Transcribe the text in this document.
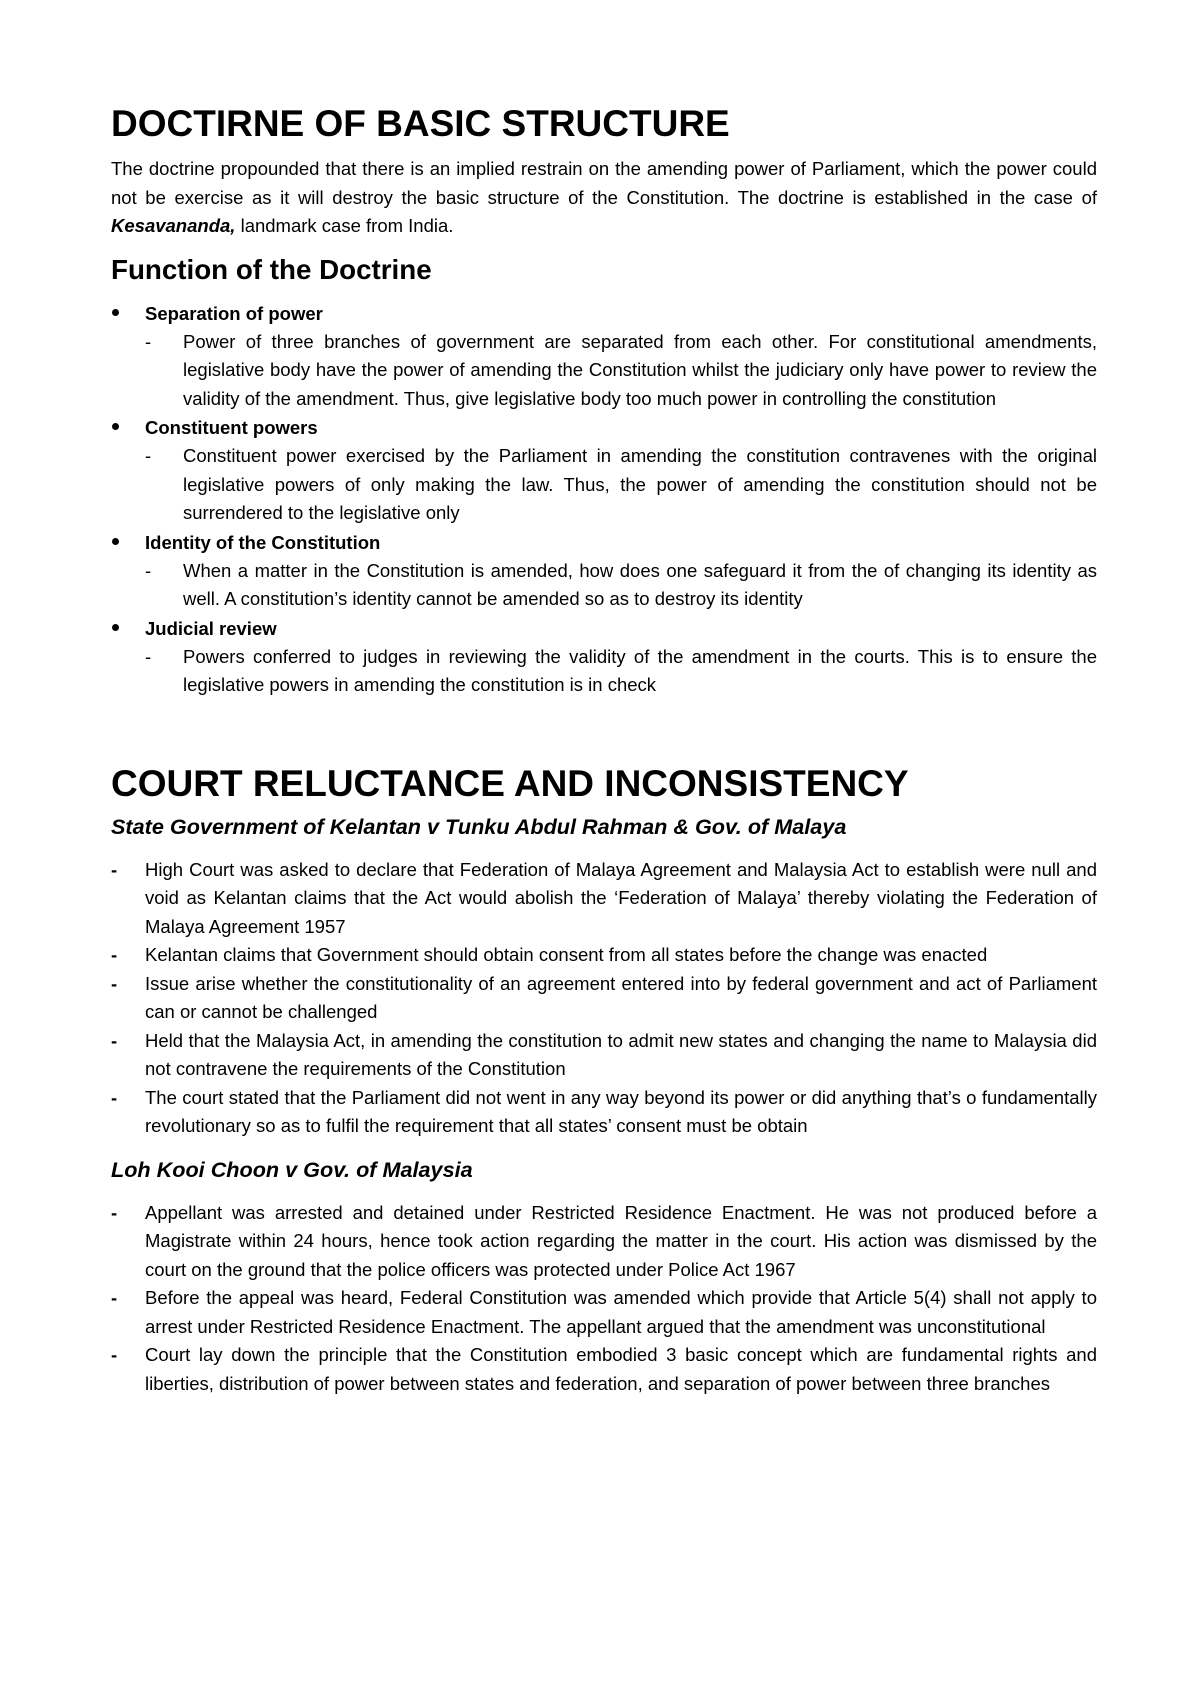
DOCTIRNE OF BASIC STRUCTURE

The doctrine propounded that there is an implied restrain on the amending power of Parliament, which the power could not be exercise as it will destroy the basic structure of the Constitution. The doctrine is established in the case of Kesavananda, landmark case from India.

Function of the Doctrine
Separation of power
- Power of three branches of government are separated from each other. For constitutional amendments, legislative body have the power of amending the Constitution whilst the judiciary only have power to review the validity of the amendment. Thus, give legislative body too much power in controlling the constitution
Constituent powers
- Constituent power exercised by the Parliament in amending the constitution contravenes with the original legislative powers of only making the law. Thus, the power of amending the constitution should not be surrendered to the legislative only
Identity of the Constitution
- When a matter in the Constitution is amended, how does one safeguard it from the of changing its identity as well. A constitution’s identity cannot be amended so as to destroy its identity
Judicial review
- Powers conferred to judges in reviewing the validity of the amendment in the courts. This is to ensure the legislative powers in amending the constitution is in check
COURT RELUCTANCE AND INCONSISTENCY
State Government of Kelantan v Tunku Abdul Rahman & Gov. of Malaya
- High Court was asked to declare that Federation of Malaya Agreement and Malaysia Act to establish were null and void as Kelantan claims that the Act would abolish the ‘Federation of Malaya’ thereby violating the Federation of Malaya Agreement 1957
- Kelantan claims that Government should obtain consent from all states before the change was enacted
- Issue arise whether the constitutionality of an agreement entered into by federal government and act of Parliament can or cannot be challenged
- Held that the Malaysia Act, in amending the constitution to admit new states and changing the name to Malaysia did not contravene the requirements of the Constitution
- The court stated that the Parliament did not went in any way beyond its power or did anything that’s o fundamentally revolutionary so as to fulfil the requirement that all states’ consent must be obtain
Loh Kooi Choon v Gov. of Malaysia
- Appellant was arrested and detained under Restricted Residence Enactment. He was not produced before a Magistrate within 24 hours, hence took action regarding the matter in the court. His action was dismissed by the court on the ground that the police officers was protected under Police Act 1967
- Before the appeal was heard, Federal Constitution was amended which provide that Article 5(4) shall not apply to arrest under Restricted Residence Enactment. The appellant argued that the amendment was unconstitutional
- Court lay down the principle that the Constitution embodied 3 basic concept which are fundamental rights and liberties, distribution of power between states and federation, and separation of power between three branches
